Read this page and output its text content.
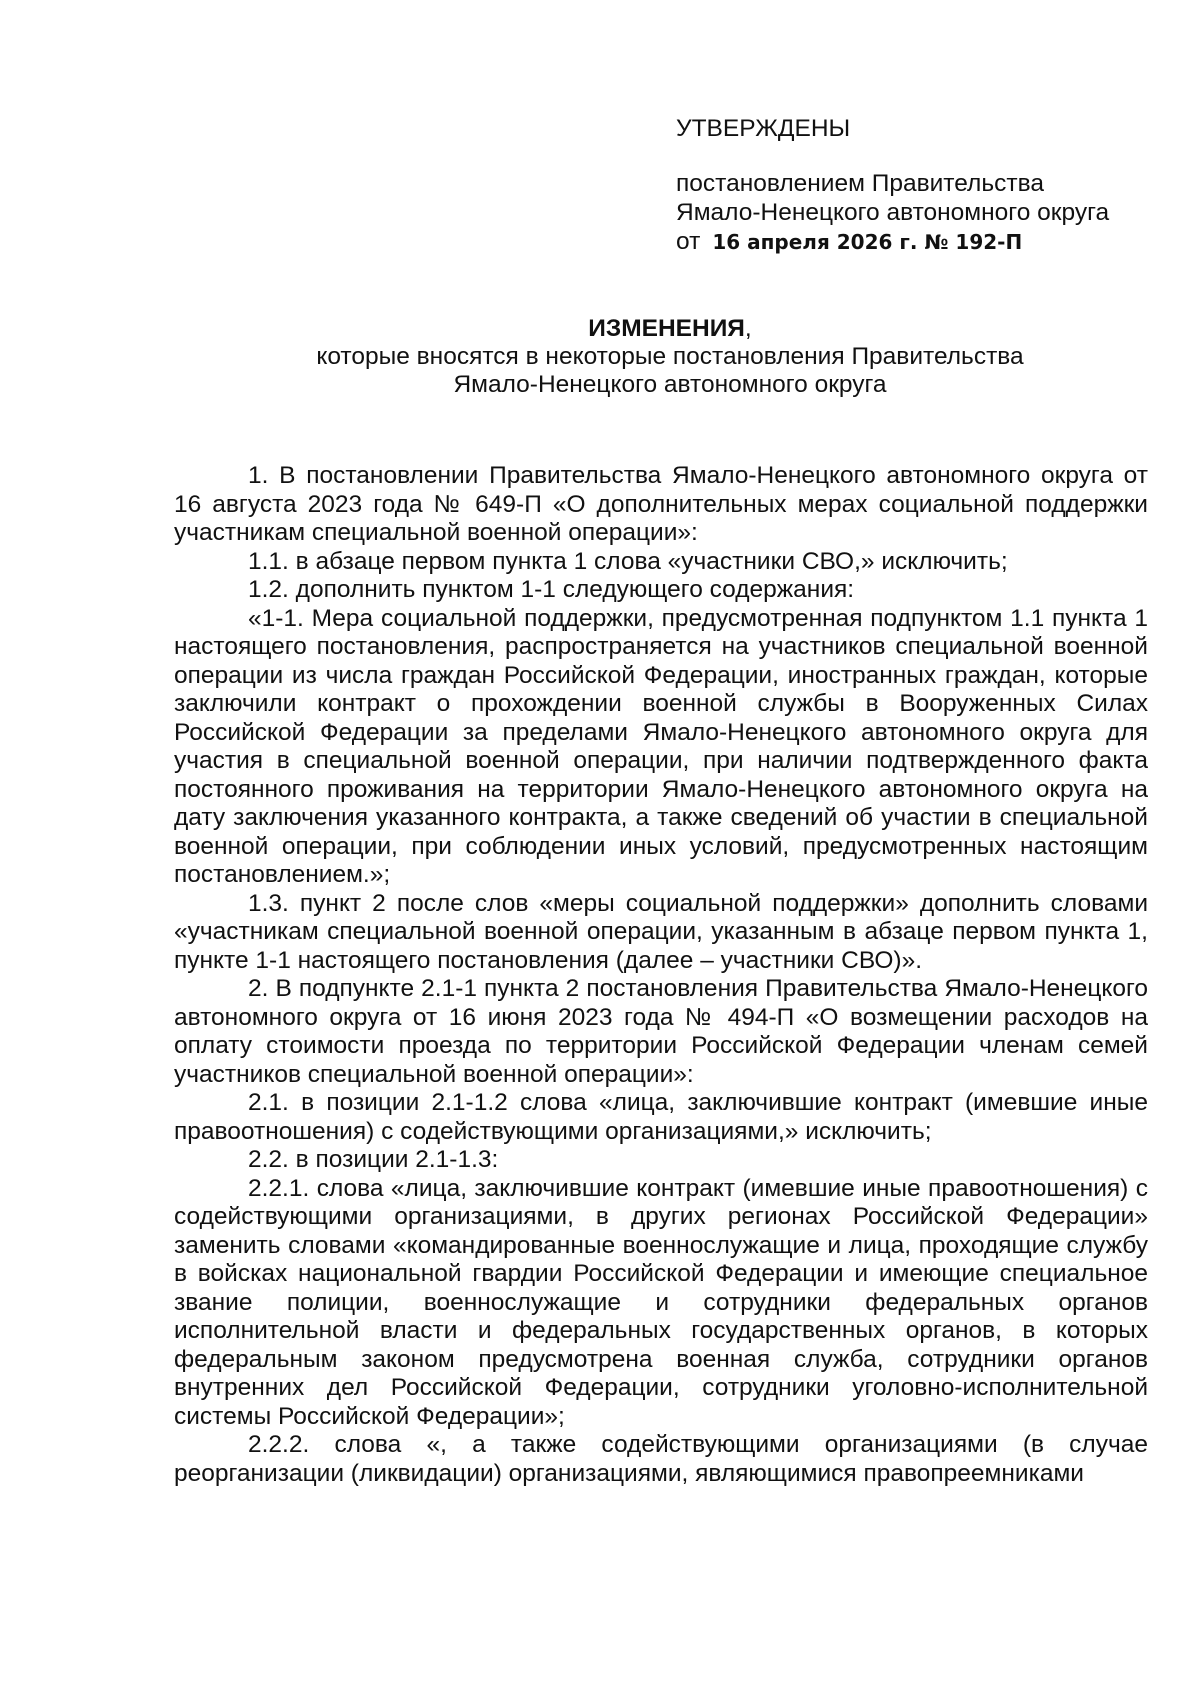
УТВЕРЖДЕНЫ

постановлением Правительства

Ямало-Ненецкого автономного округа

от 16 апреля 2026 г. № 192-П

ИЗМЕНЕНИЯ,

которые вносятся в некоторые постановления Правительства

Ямало-Ненецкого автономного округа

1. В постановлении Правительства Ямало-Ненецкого автономного округа от 16 августа 2023 года № 649-П «О дополнительных мерах социальной поддержки участникам специальной военной операции»:

1.1. в абзаце первом пункта 1 слова «участники СВО,» исключить;

1.2. дополнить пунктом 1-1 следующего содержания:

«1-1. Мера социальной поддержки, предусмотренная подпунктом 1.1 пункта 1 настоящего постановления, распространяется на участников специальной военной операции из числа граждан Российской Федерации, иностранных граждан, которые заключили контракт о прохождении военной службы в Вооруженных Силах Российской Федерации за пределами Ямало-Ненецкого автономного округа для участия в специальной военной операции, при наличии подтвержденного факта постоянного проживания на территории Ямало-Ненецкого автономного округа на дату заключения указанного контракта, а также сведений об участии в специальной военной операции, при соблюдении иных условий, предусмотренных настоящим постановлением.»;

1.3. пункт 2 после слов «меры социальной поддержки» дополнить словами «участникам специальной военной операции, указанным в абзаце первом пункта 1, пункте 1-1 настоящего постановления (далее – участники СВО)».

2. В подпункте 2.1-1 пункта 2 постановления Правительства Ямало-Ненецкого автономного округа от 16 июня 2023 года № 494-П «О возмещении расходов на оплату стоимости проезда по территории Российской Федерации членам семей участников специальной военной операции»:

2.1. в позиции 2.1-1.2 слова «лица, заключившие контракт (имевшие иные правоотношения) с содействующими организациями,» исключить;

2.2. в позиции 2.1-1.3:

2.2.1. слова «лица, заключившие контракт (имевшие иные правоотношения) с содействующими организациями, в других регионах Российской Федерации» заменить словами «командированные военнослужащие и лица, проходящие службу в войсках национальной гвардии Российской Федерации и имеющие специальное звание полиции, военнослужащие и сотрудники федеральных органов исполнительной власти и федеральных государственных органов, в которых федеральным законом предусмотрена военная служба, сотрудники органов внутренних дел Российской Федерации, сотрудники уголовно-исполнительной системы Российской Федерации»;

2.2.2. слова «, а также содействующими организациями (в случае реорганизации (ликвидации) организациями, являющимися правопреемниками
